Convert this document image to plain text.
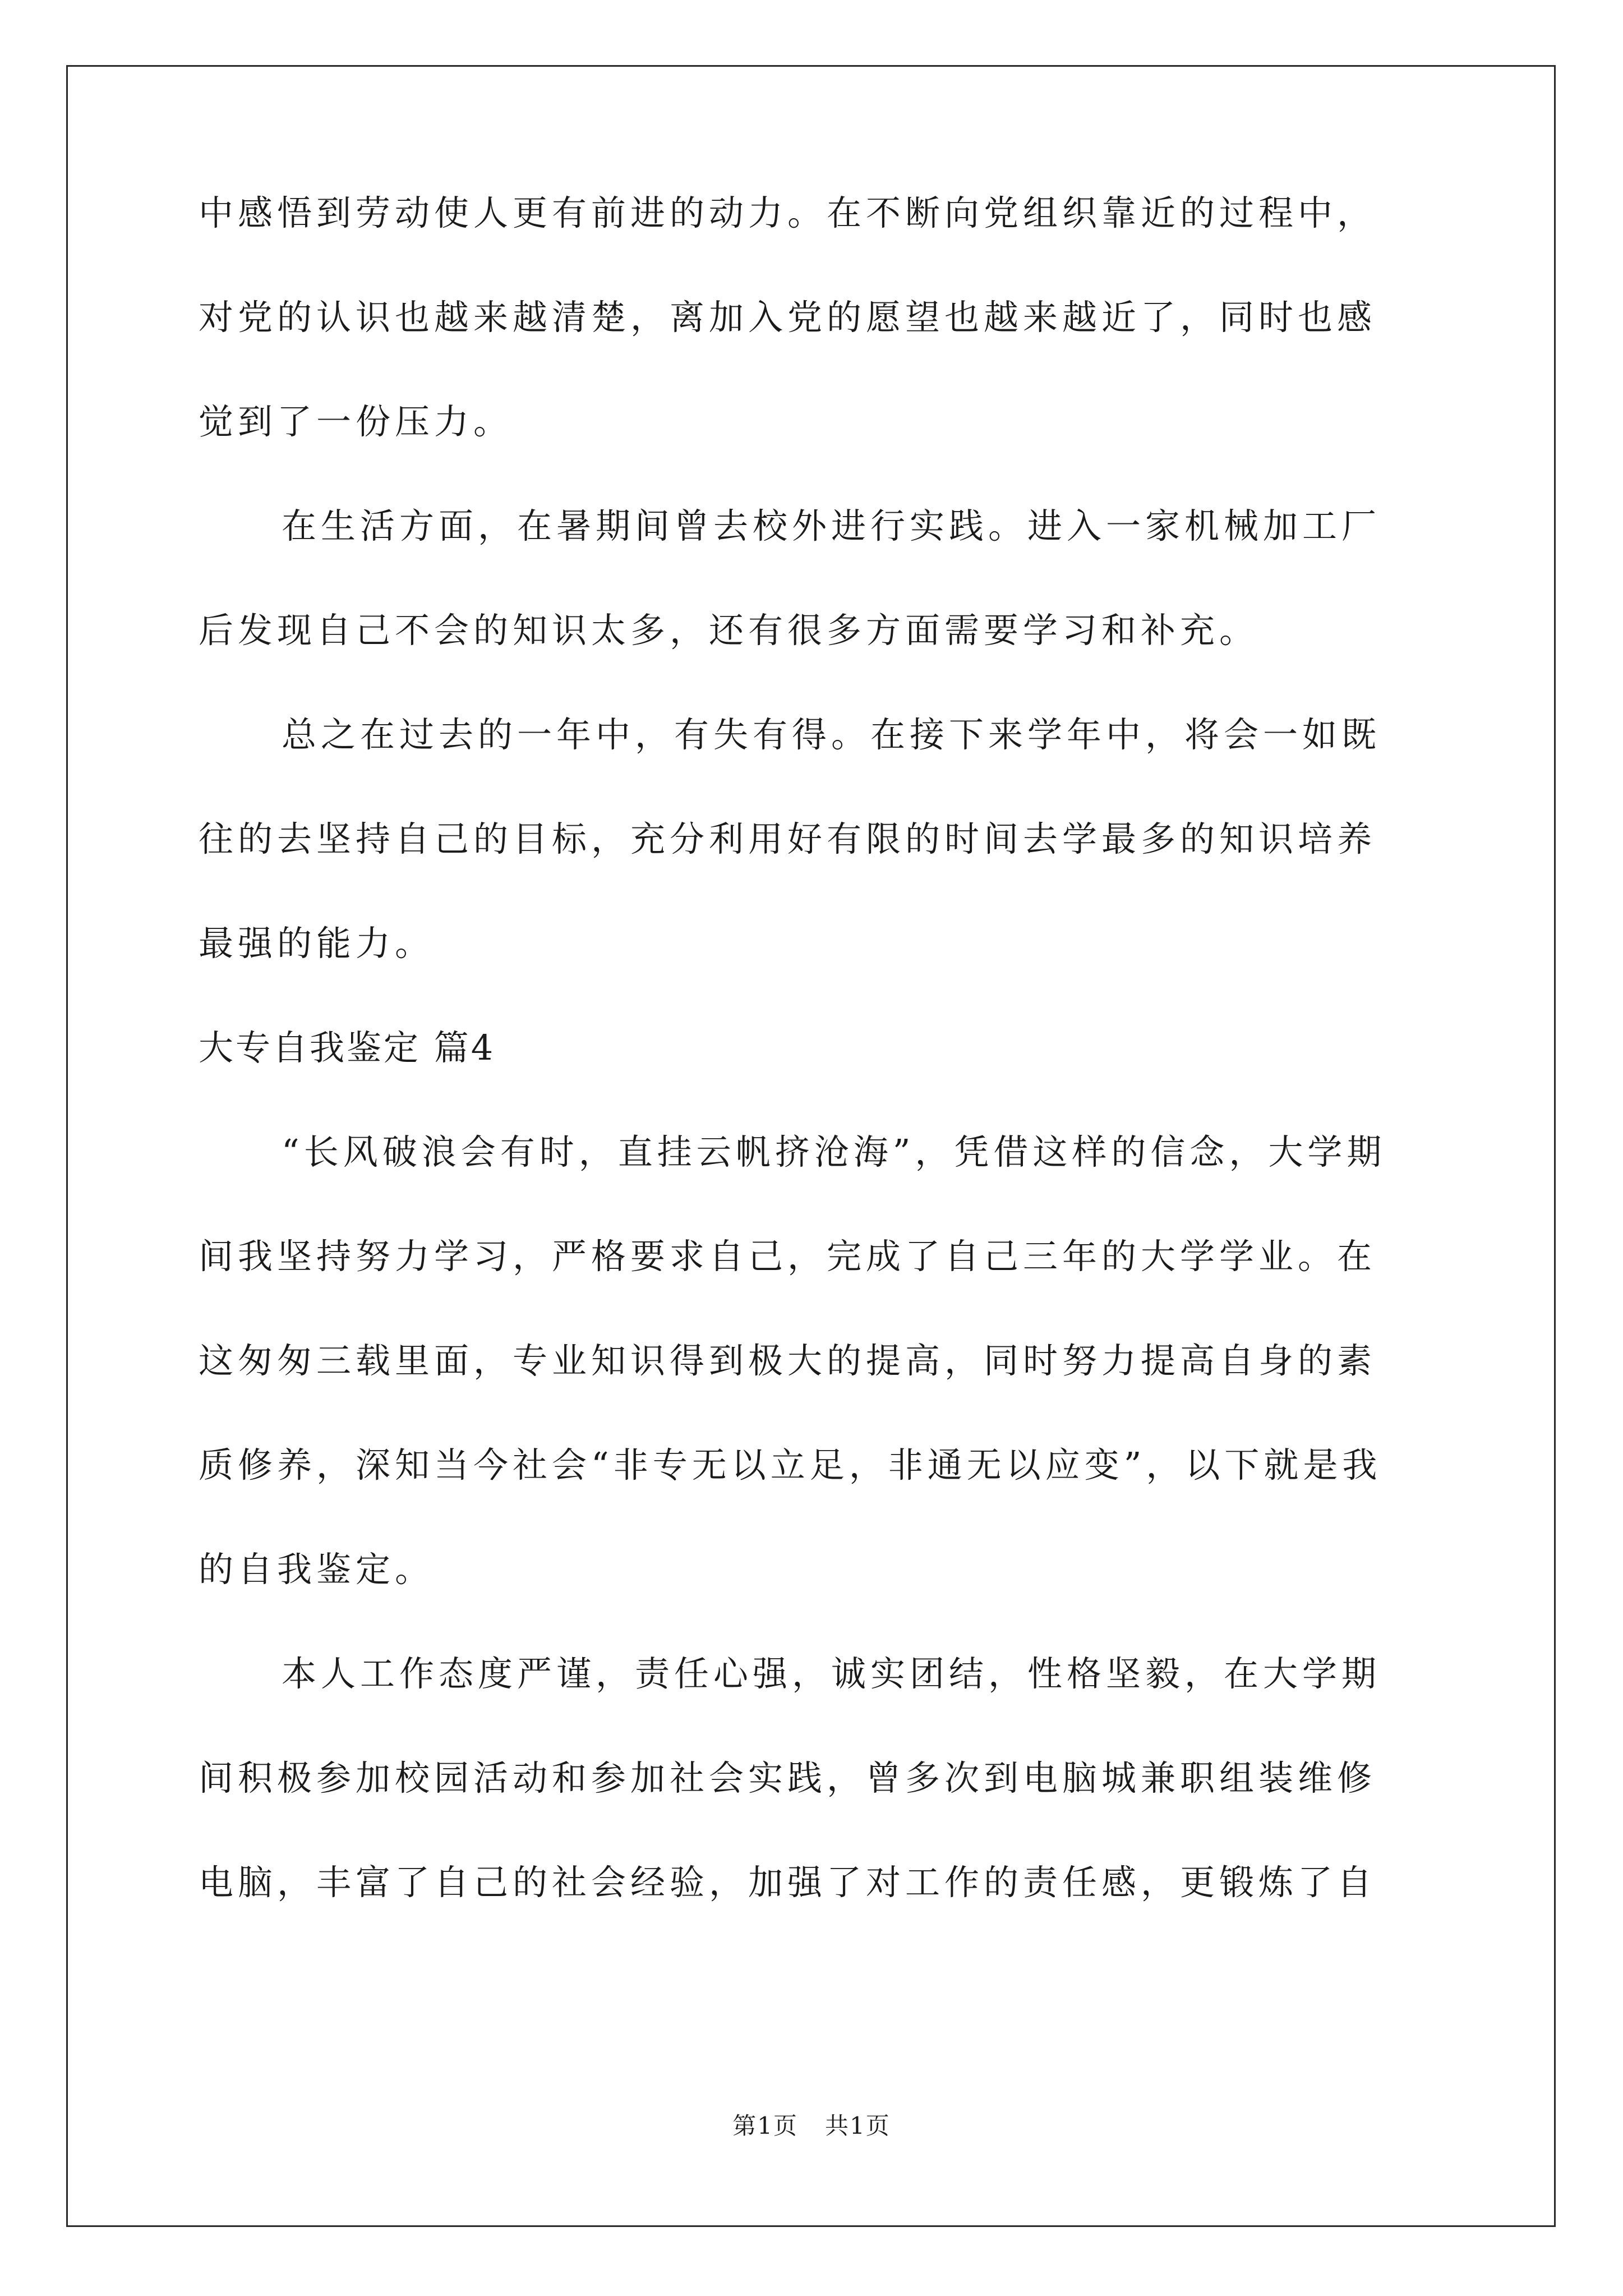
中感悟到劳动使人更有前进的动力。在不断向党组织靠近的过程中，
对党的认识也越来越清楚，离加入党的愿望也越来越近了，同时也感
觉到了一份压力。
在生活方面，在暑期间曾去校外进行实践。进入一家机械加工厂
后发现自己不会的知识太多，还有很多方面需要学习和补充。
总之在过去的一年中，有失有得。在接下来学年中，将会一如既
往的去坚持自己的目标，充分利用好有限的时间去学最多的知识培养
最强的能力。
大专自我鉴定 篇4
“长风破浪会有时，直挂云帆挤沧海”，凭借这样的信念，大学期
间我坚持努力学习，严格要求自己，完成了自己三年的大学学业。在
这匆匆三载里面，专业知识得到极大的提高，同时努力提高自身的素
质修养，深知当今社会“非专无以立足，非通无以应变”，以下就是我
的自我鉴定。
本人工作态度严谨，责任心强，诚实团结，性格坚毅，在大学期
间积极参加校园活动和参加社会实践，曾多次到电脑城兼职组装维修
电脑，丰富了自己的社会经验，加强了对工作的责任感，更锻炼了自
第1页 共1页
